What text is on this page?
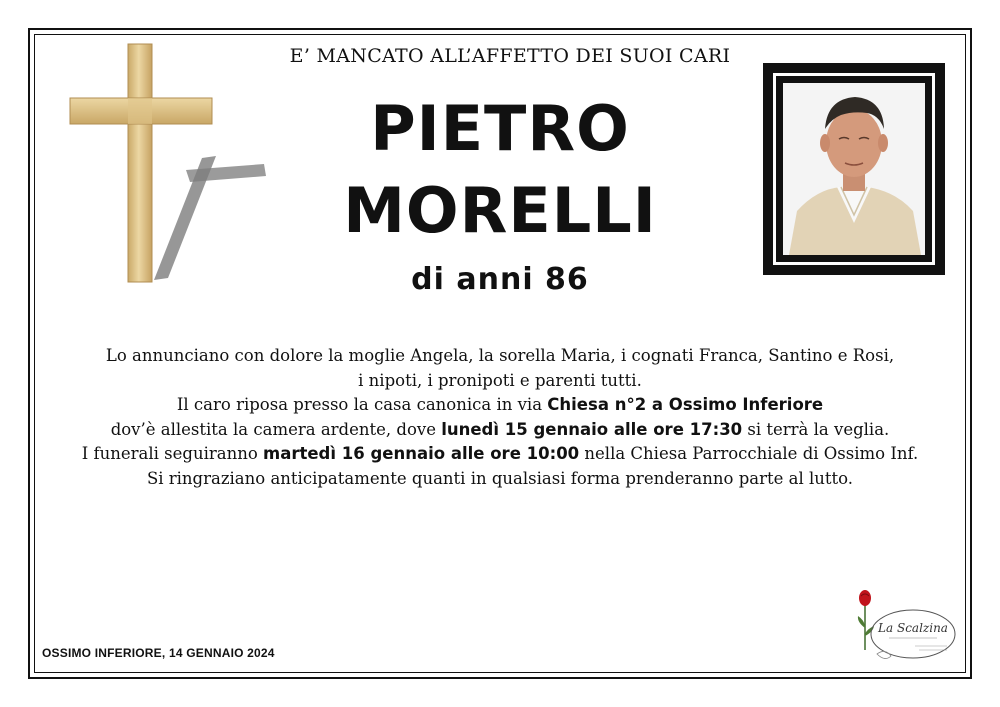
E’ MANCATO ALL’AFFETTO DEI SUOI CARI
PIETRO
MORELLI
di anni 86
Lo annunciano con dolore la moglie Angela, la sorella Maria, i cognati Franca, Santino e Rosi,
i nipoti, i pronipoti e parenti tutti.
Il caro riposa presso la casa canonica in via Chiesa n°2 a Ossimo Inferiore
dov’è allestita la camera ardente, dove lunedì 15 gennaio alle ore 17:30 si terrà la veglia.
I funerali seguiranno martedì 16 gennaio alle ore 10:00 nella Chiesa Parrocchiale di Ossimo Inf.
Si ringraziano anticipatamente quanti in qualsiasi forma prenderanno parte al lutto.
OSSIMO INFERIORE, 14 GENNAIO 2024
La Scalzina
